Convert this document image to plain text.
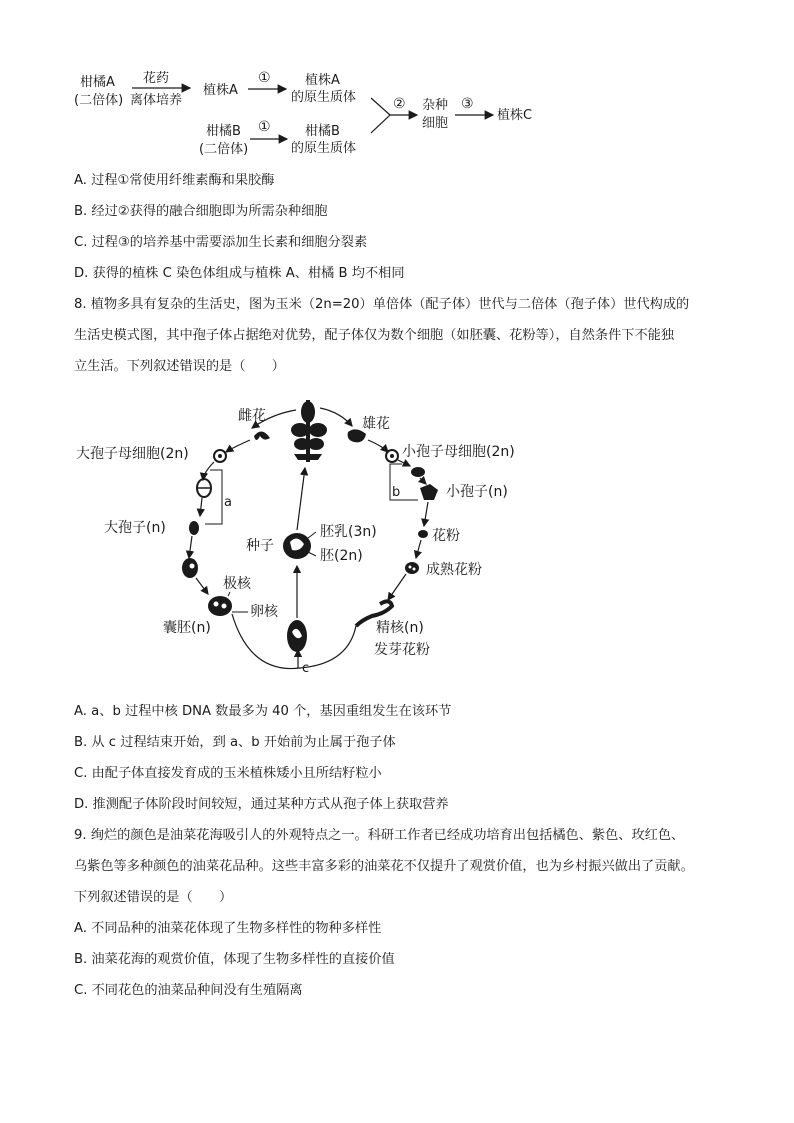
柑橘A
(二倍体)
花药
离体培养
植株A
①	植株A
的原生质体
柑橘B
(二倍体)
①	柑橘B
的原生质体
② 杂种
细胞
③
植株C
A. 过程①常使用纤维素酶和果胶酶
B. 经过②获得的融合细胞即为所需杂种细胞
C. 过程③的培养基中需要添加生长素和细胞分裂素
D. 获得的植株 C 染色体组成与植株 A、柑橘 B 均不相同
8. 植物多具有复杂的生活史，图为玉米（2n=20）单倍体（配子体）世代与二倍体（孢子体）世代构成的
生活史模式图，其中孢子体占据绝对优势，配子体仅为数个细胞（如胚囊、花粉等），自然条件下不能独
立生活。下列叙述错误的是（　　）
雌花	雄花
大孢子母细胞(2n)
a
大孢子(n)
极核
卵核
囊胚(n)
c
种子
胚乳(3n)
胚(2n)
小孢子母细胞(2n)
b	小孢子(n)
花粉
成熟花粉
精核(n)
发芽花粉
A. a、b 过程中核 DNA 数最多为 40 个，基因重组发生在该环节
B. 从 c 过程结束开始，到 a、b 开始前为止属于孢子体
C. 由配子体直接发育成的玉米植株矮小且所结籽粒小
D. 推测配子体阶段时间较短，通过某种方式从孢子体上获取营养
9. 绚烂的颜色是油菜花海吸引人的外观特点之一。科研工作者已经成功培育出包括橘色、紫色、玫红色、
乌紫色等多种颜色的油菜花品种。这些丰富多彩的油菜花不仅提升了观赏价值，也为乡村振兴做出了贡献。
下列叙述错误的是（　　）
A. 不同品种的油菜花体现了生物多样性的物种多样性
B. 油菜花海的观赏价值，体现了生物多样性的直接价值
C. 不同花色的油菜品种间没有生殖隔离
